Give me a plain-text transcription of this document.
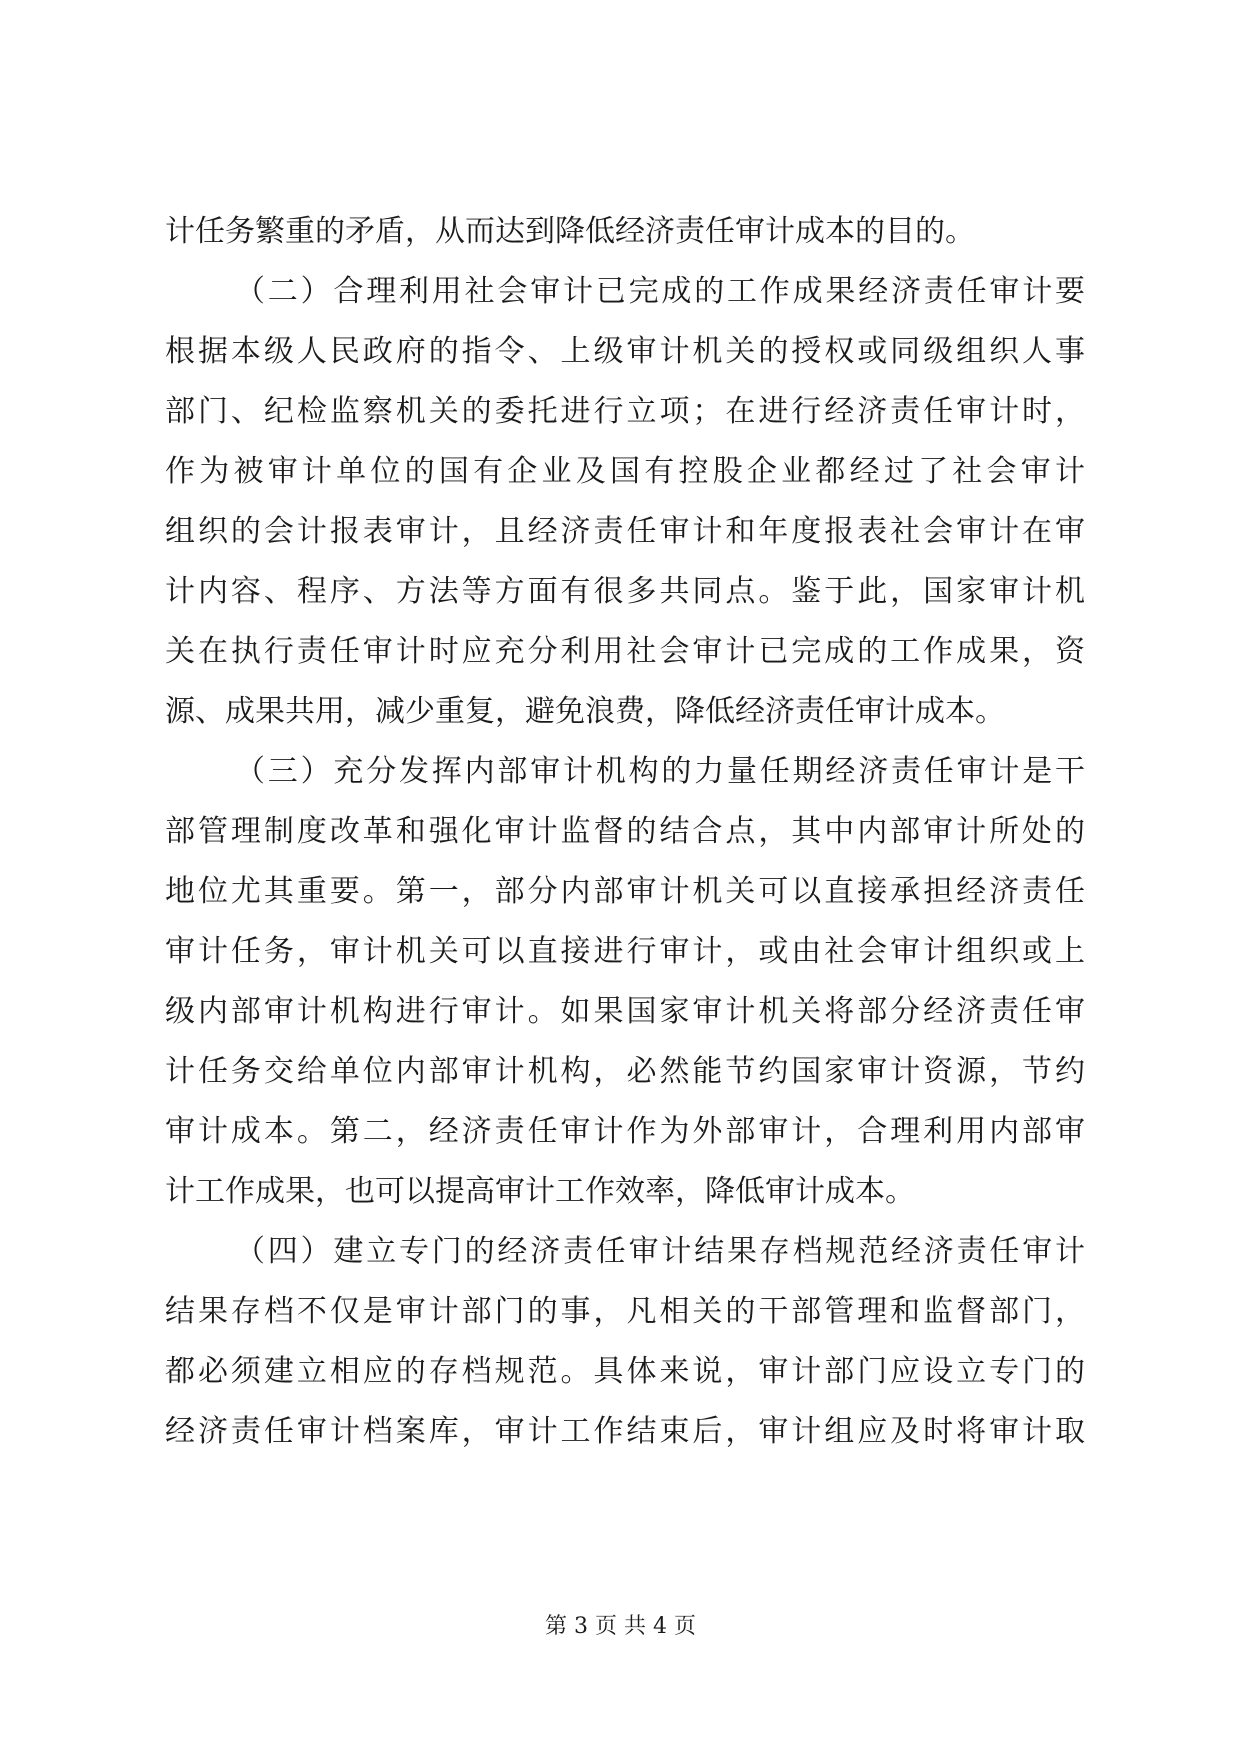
计任务繁重的矛盾，从而达到降低经济责任审计成本的目的。
（二）合理利用社会审计已完成的工作成果经济责任审计要
根据本级人民政府的指令、上级审计机关的授权或同级组织人事
部门、纪检监察机关的委托进行立项；在进行经济责任审计时，
作为被审计单位的国有企业及国有控股企业都经过了社会审计
组织的会计报表审计，且经济责任审计和年度报表社会审计在审
计内容、程序、方法等方面有很多共同点。鉴于此，国家审计机
关在执行责任审计时应充分利用社会审计已完成的工作成果，资
源、成果共用，减少重复，避免浪费，降低经济责任审计成本。
（三）充分发挥内部审计机构的力量任期经济责任审计是干
部管理制度改革和强化审计监督的结合点，其中内部审计所处的
地位尤其重要。第一，部分内部审计机关可以直接承担经济责任
审计任务，审计机关可以直接进行审计，或由社会审计组织或上
级内部审计机构进行审计。如果国家审计机关将部分经济责任审
计任务交给单位内部审计机构，必然能节约国家审计资源，节约
审计成本。第二，经济责任审计作为外部审计，合理利用内部审
计工作成果，也可以提高审计工作效率，降低审计成本。
（四）建立专门的经济责任审计结果存档规范经济责任审计
结果存档不仅是审计部门的事，凡相关的干部管理和监督部门，
都必须建立相应的存档规范。具体来说，审计部门应设立专门的
经济责任审计档案库，审计工作结束后，审计组应及时将审计取
第 3 页 共 4 页
